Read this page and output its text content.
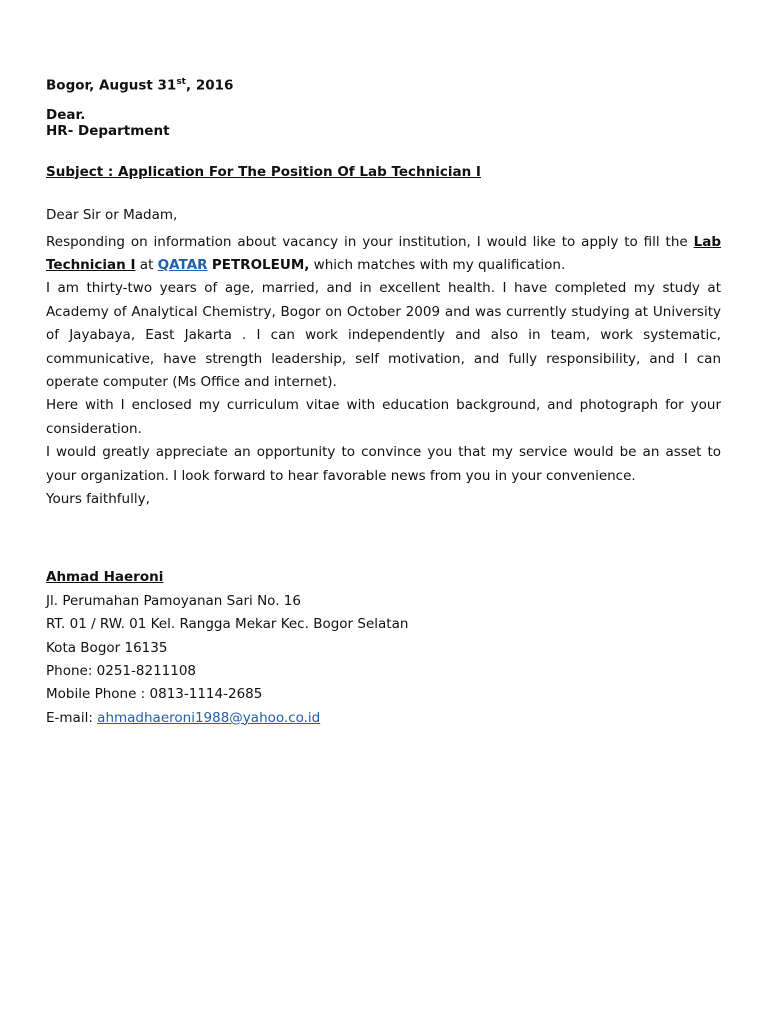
Bogor, August 31st, 2016
Dear.
HR- Department
Subject : Application For The Position Of Lab Technician I
Dear Sir or Madam,

Responding on information about vacancy in your institution, I would like to apply to fill the Lab Technician I at QATAR PETROLEUM, which matches with my qualification.

I am thirty-two years of age, married, and in excellent health. I have completed my study at Academy of Analytical Chemistry, Bogor on October 2009 and was currently studying at University of Jayabaya, East Jakarta . I can work independently and also in team, work systematic, communicative, have strength leadership, self motivation, and fully responsibility, and I can operate computer (Ms Office and internet).

Here with I enclosed my curriculum vitae with education background, and photograph for your consideration.

I would greatly appreciate an opportunity to convince you that my service would be an asset to your organization. I look forward to hear favorable news from you in your convenience.

Yours faithfully,

Ahmad Haeroni
Jl. Perumahan Pamoyanan Sari No. 16
RT. 01 / RW. 01 Kel. Rangga Mekar Kec. Bogor Selatan
Kota Bogor 16135
Phone: 0251-8211108
Mobile Phone : 0813-1114-2685
E-mail: ahmadhaeroni1988@yahoo.co.id
